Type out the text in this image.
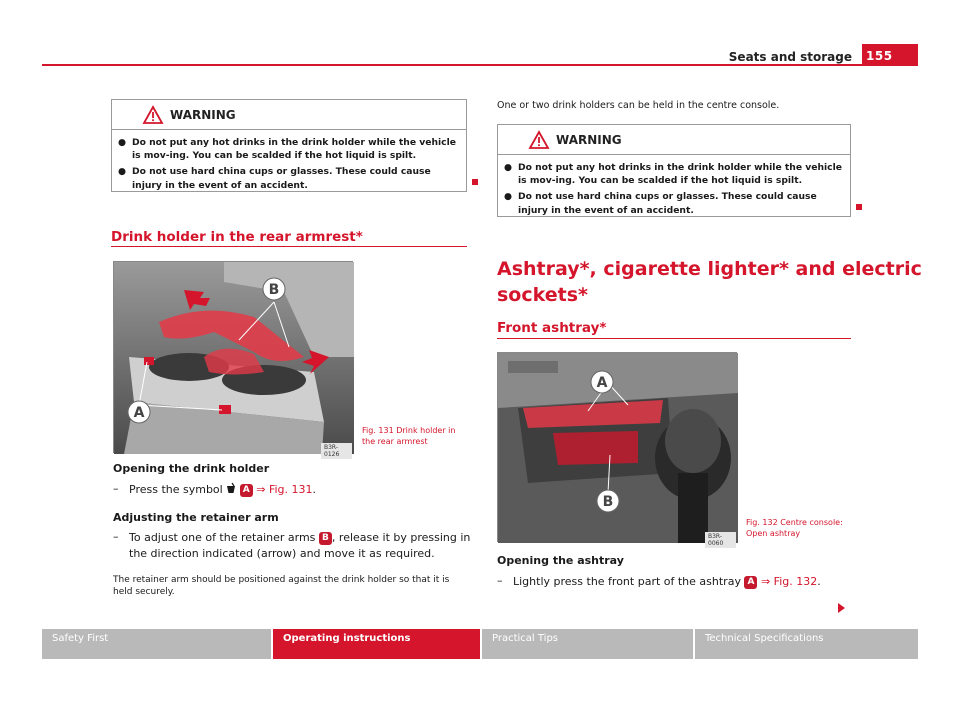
Seats and storage	155
WARNING
● Do not put any hot drinks in the drink holder while the vehicle is mov-ing. You can be scalded if the hot liquid is spilt.
● Do not use hard china cups or glasses. These could cause injury in the event of an accident.
Drink holder in the rear armrest*
B
A
B3R-0126
Fig. 131 Drink holder in
the rear armrest
Opening the drink holder
– Press the symbol A ⇒ Fig. 131.
Adjusting the retainer arm
– To adjust one of the retainer arms B , release it by pressing in
the direction indicated (arrow) and move it as required.
The retainer arm should be positioned against the drink holder so that it is
held securely.
One or two drink holders can be held in the centre console.
WARNING
● Do not put any hot drinks in the drink holder while the vehicle is mov-ing. You can be scalded if the hot liquid is spilt.
● Do not use hard china cups or glasses. These could cause injury in the event of an accident.
Ashtray*, cigarette lighter* and electric
sockets*
Front ashtray*
A
B
B3R-0060
Fig. 132 Centre console:
Open ashtray
Opening the ashtray
– Lightly press the front part of the ashtray A ⇒ Fig. 132.
Safety First	Operating instructions	Practical Tips	Technical Specifications
